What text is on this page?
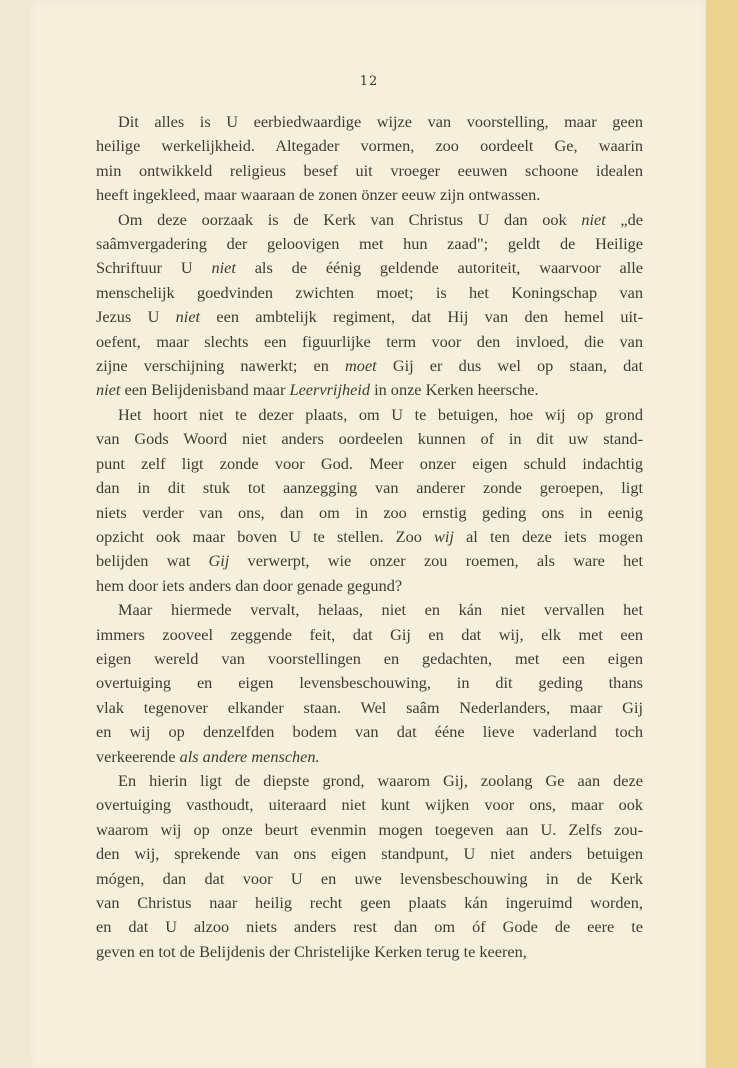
12
Dit alles is U eerbiedwaardige wijze van voorstelling, maar geen
heilige werkelijkheid. Altegader vormen, zoo oordeelt Ge, waarin
min ontwikkeld religieus besef uit vroeger eeuwen schoone idealen
heeft ingekleed, maar waaraan de zonen önzer eeuw zijn ontwassen.
Om deze oorzaak is de Kerk van Christus U dan ook niet „de
saâmvergadering der geloovigen met hun zaad"; geldt de Heilige
Schriftuur U niet als de éénig geldende autoriteit, waarvoor alle
menschelijk goedvinden zwichten moet; is het Koningschap van
Jezus U niet een ambtelijk regiment, dat Hij van den hemel uit-
oefent, maar slechts een figuurlijke term voor den invloed, die van
zijne verschijning nawerkt; en moet Gij er dus wel op staan, dat
niet een Belijdenisband maar Leervrijheid in onze Kerken heersche.
Het hoort niet te dezer plaats, om U te betuigen, hoe wij op grond
van Gods Woord niet anders oordeelen kunnen of in dit uw stand-
punt zelf ligt zonde voor God. Meer onzer eigen schuld indachtig
dan in dit stuk tot aanzegging van anderer zonde geroepen, ligt
niets verder van ons, dan om in zoo ernstig geding ons in eenig
opzicht ook maar boven U te stellen. Zoo wij al ten deze iets mogen
belijden wat Gij verwerpt, wie onzer zou roemen, als ware het
hem door iets anders dan door genade gegund?
Maar hiermede vervalt, helaas, niet en kán niet vervallen het
immers zooveel zeggende feit, dat Gij en dat wij, elk met een
eigen wereld van voorstellingen en gedachten, met een eigen
overtuiging en eigen levensbeschouwing, in dit geding thans
vlak tegenover elkander staan. Wel saâm Nederlanders, maar Gij
en wij op denzelfden bodem van dat ééne lieve vaderland toch
verkeerende als andere menschen.
En hierin ligt de diepste grond, waarom Gij, zoolang Ge aan deze
overtuiging vasthoudt, uiteraard niet kunt wijken voor ons, maar ook
waarom wij op onze beurt evenmin mogen toegeven aan U. Zelfs zou-
den wij, sprekende van ons eigen standpunt, U niet anders betuigen
mógen, dan dat voor U en uwe levensbeschouwing in de Kerk
van Christus naar heilig recht geen plaats kán ingeruimd worden,
en dat U alzoo niets anders rest dan om óf Gode de eere te
geven en tot de Belijdenis der Christelijke Kerken terug te keeren,
